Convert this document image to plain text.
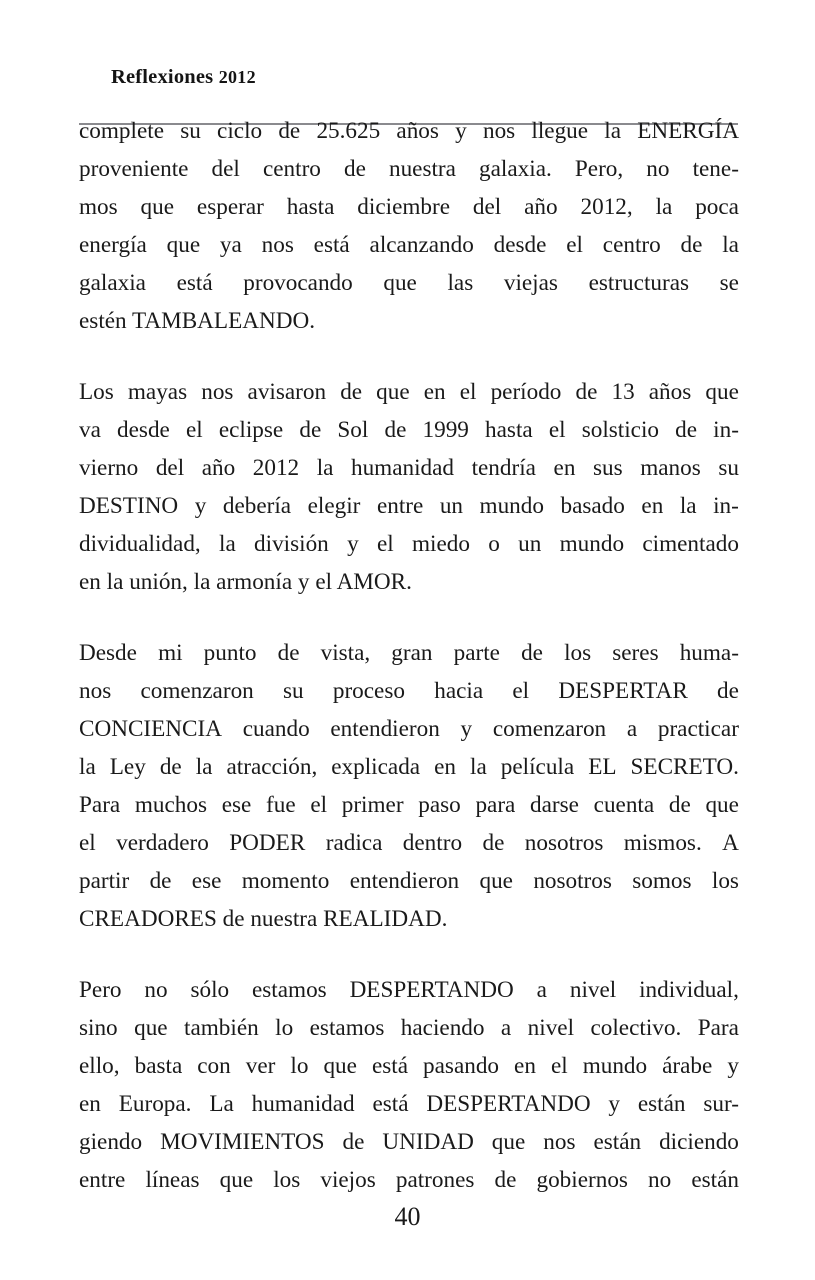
Reflexiones 2012

complete su ciclo de 25.625 años y nos llegue la ENERGÍA
proveniente del centro de nuestra galaxia. Pero, no tene-
mos que esperar hasta diciembre del año 2012, la poca
energía que ya nos está alcanzando desde el centro de la
galaxia está provocando que las viejas estructuras se
estén TAMBALEANDO.

Los mayas nos avisaron de que en el período de 13 años que
va desde el eclipse de Sol de 1999 hasta el solsticio de in-
vierno del año 2012 la humanidad tendría en sus manos su
DESTINO y debería elegir entre un mundo basado en la in-
dividualidad, la división y el miedo o un mundo cimentado
en la unión, la armonía y el AMOR.

Desde mi punto de vista, gran parte de los seres huma-
nos comenzaron su proceso hacia el DESPERTAR de
CONCIENCIA cuando entendieron y comenzaron a practicar
la Ley de la atracción, explicada en la película EL SECRETO.
Para muchos ese fue el primer paso para darse cuenta de que
el verdadero PODER radica dentro de nosotros mismos. A
partir de ese momento entendieron que nosotros somos los
CREADORES de nuestra REALIDAD.

Pero no sólo estamos DESPERTANDO a nivel individual,
sino que también lo estamos haciendo a nivel colectivo. Para
ello, basta con ver lo que está pasando en el mundo árabe y
en Europa. La humanidad está DESPERTANDO y están sur-
giendo MOVIMIENTOS de UNIDAD que nos están diciendo
entre líneas que los viejos patrones de gobiernos no están

40
